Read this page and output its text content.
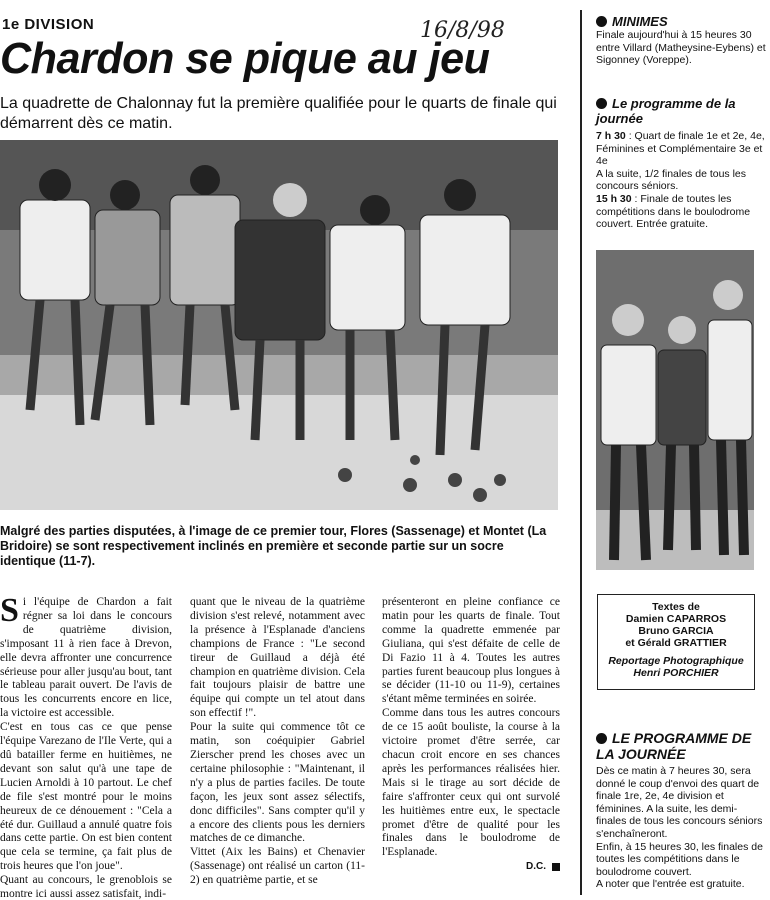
1e DIVISION	16/8/98
Chardon se pique au jeu
La quadrette de Chalonnay fut la première qualifiée pour le quarts de finale qui démarrent dès ce matin.
Malgré des parties disputées, à l'image de ce premier tour, Flores (Sassenage) et Montet (La Bridoire) se sont respectivement inclinés en première et seconde partie sur un socre identique (11-7).

Si l'équipe de Chardon a fait régner sa loi dans le concours de quatrième division, s'imposant 11 à rien face à Drevon, elle devra affronter une concurrence sérieuse pour aller jusqu'au bout, tant le tableau parait ouvert. De l'avis de tous les concurrents encore en lice, la victoire est accessible.

C'est en tous cas ce que pense l'équipe Varezano de l'Ile Verte, qui a dû batailler ferme en huitièmes, ne devant son salut qu'à une tape de Lucien Arnoldi à 10 partout. Le chef de file s'est montré pour le moins heureux de ce dénouement : "Cela a été dur. Guillaud a annulé quatre fois dans cette partie. On est bien content que cela se termine, ça fait plus de trois heures que l'on joue".

Quant au concours, le grenoblois se montre ici aussi assez satisfait, indi-

quant que le niveau de la quatrième division s'est relevé, notamment avec la présence à l'Esplanade d'anciens champions de France : "Le second tireur de Guillaud a déjà été champion en quatrième division. Cela fait toujours plaisir de battre une équipe qui compte un tel atout dans son effectif !".

Pour la suite qui commence tôt ce matin, son coéquipier Gabriel Zierscher prend les choses avec un certaine philosophie : "Maintenant, il n'y a plus de parties faciles. De toute façon, les jeux sont assez sélectifs, donc difficiles". Sans compter qu'il y a encore des clients pous les derniers matches de ce dimanche.

Vittet (Aix les Bains) et Chenavier (Sassenage) ont réalisé un carton (11-2) en quatrième partie, et se

présenteront en pleine confiance ce matin pour les quarts de finale. Tout comme la quadrette emmenée par Giuliana, qui s'est défaite de celle de Di Fazio 11 à 4. Toutes les autres parties furent beaucoup plus longues à se décider (11-10 ou 11-9), certaines s'étant même terminées en soirée.

Comme dans tous les autres concours de ce 15 août bouliste, la course à la victoire promet d'être serrée, car chacun croit encore en ses chances après les performances réalisées hier. Mais si le tirage au sort décide de faire s'affronter ceux qui ont survolé les huitièmes entre eux, le spectacle promet d'être de qualité pour les finales dans le boulodrome de l'Esplanade.

D.C.

MINIMES
Finale aujourd'hui à 15 heures 30 entre Villard (Matheysine-Eybens) et Sigonney (Voreppe).
Le programme de la journée
7 h 30 : Quart de finale 1e et 2e, 4e, Féminines et Complémentaire 3e et 4e
A la suite, 1/2 finales de tous les concours séniors.
15 h 30 : Finale de toutes les compétitions dans le boulodrome couvert. Entrée gratuite.
Textes de
Damien CAPARROS
Bruno GARCIA
et Gérald GRATTIER
Reportage Photographique
Henri PORCHIER
LE PROGRAMME DE LA JOURNÉE
Dès ce matin à 7 heures 30, sera donné le coup d'envoi des quart de finale 1re, 2e, 4e division et féminines. A la suite, les demi-finales de tous les concours séniors s'enchaîneront.
Enfin, à 15 heures 30, les finales de toutes les compétitions dans le boulodrome couvert.
A noter que l'entrée est gratuite.
